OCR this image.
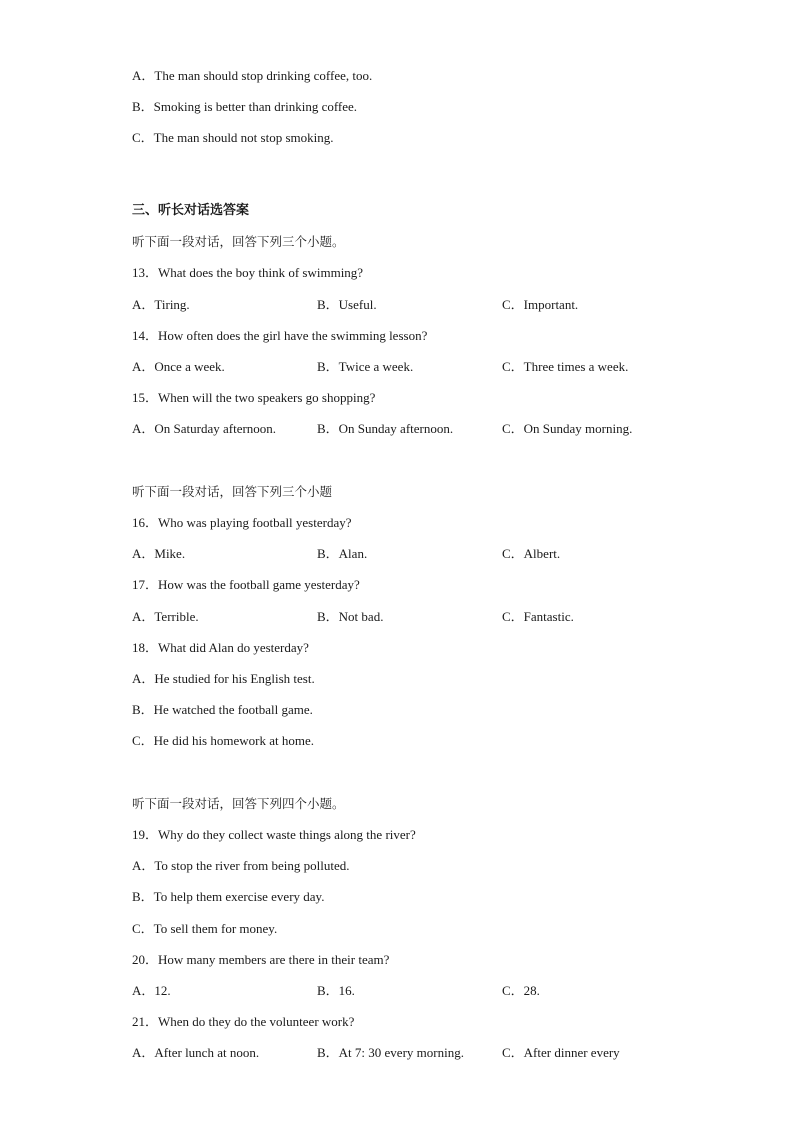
A．The man should stop drinking coffee, too.
B．Smoking is better than drinking coffee.
C．The man should not stop smoking.
三、听长对话选答案
听下面一段对话，回答下列三个小题。
13．What does the boy think of swimming?
A．Tiring.	B．Useful.	C．Important.
14．How often does the girl have the swimming lesson?
A．Once a week.	B．Twice a week.	C．Three times a week.
15．When will the two speakers go shopping?
A．On Saturday afternoon.	B．On Sunday afternoon.	C．On Sunday morning.
听下面一段对话，回答下列三个小题
16．Who was playing football yesterday?
A．Mike.	B．Alan.	C．Albert.
17．How was the football game yesterday?
A．Terrible.	B．Not bad.	C．Fantastic.
18．What did Alan do yesterday?
A．He studied for his English test.
B．He watched the football game.
C．He did his homework at home.
听下面一段对话，回答下列四个小题。
19．Why do they collect waste things along the river?
A．To stop the river from being polluted.
B．To help them exercise every day.
C．To sell them for money.
20．How many members are there in their team?
A．12.	B．16.	C．28.
21．When do they do the volunteer work?
A．After lunch at noon.	B．At 7: 30 every morning.	C．After dinner every
